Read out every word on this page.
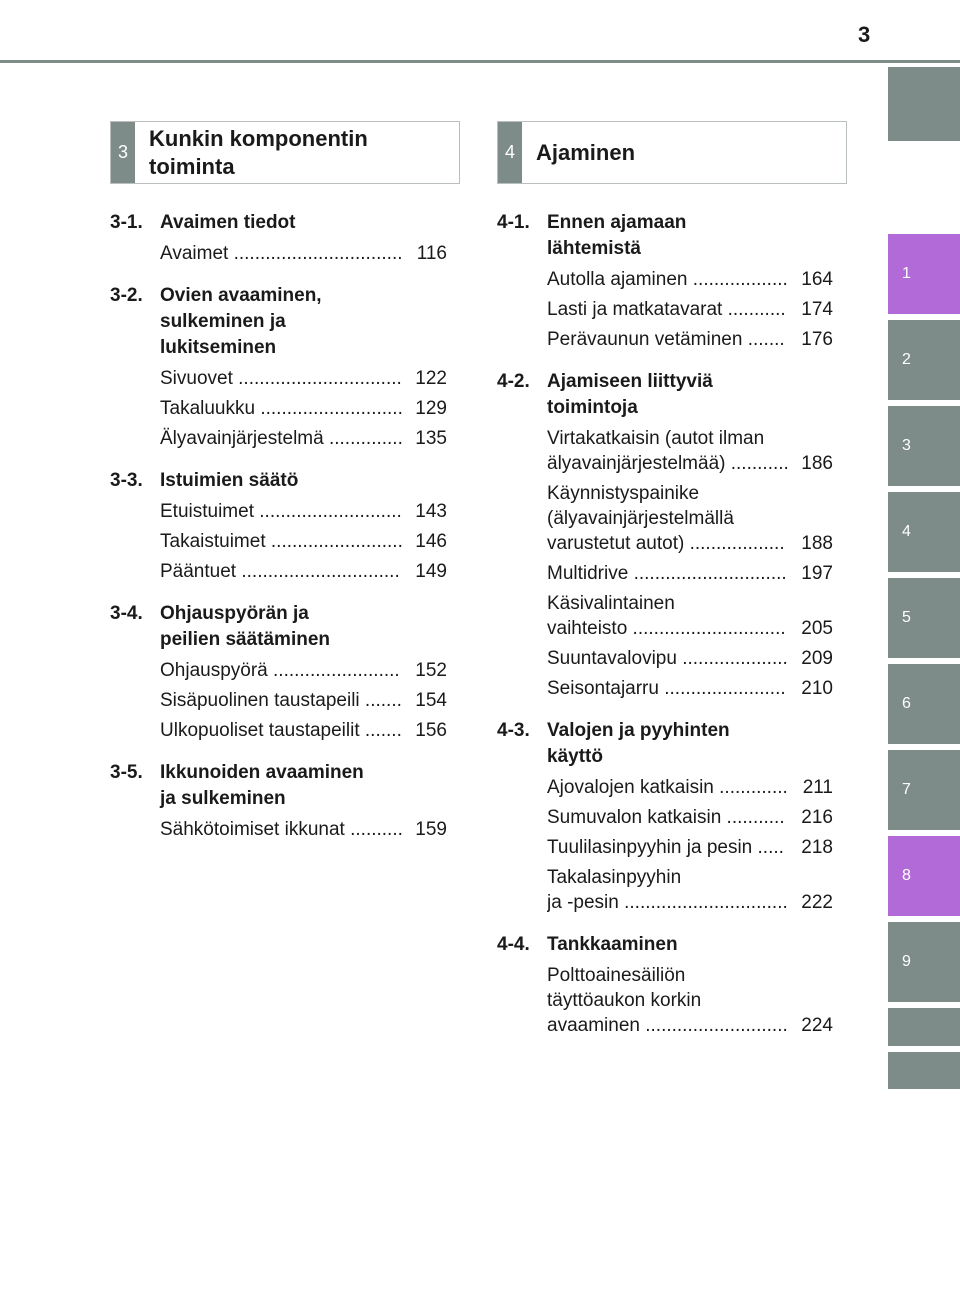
3
1
2
3
4
5
6
7
8
9
3
Kunkin komponentin
toiminta
4 Ajaminen
3-1. Avaimen tiedot
Avaimet ................................ 116
3-2. Ovien avaaminen,
sulkeminen ja
lukitseminen
Sivuovet ............................... 122
Takaluukku ........................... 129
Älyavainjärjestelmä .............. 135
3-3. Istuimien säätö
Etuistuimet ........................... 143
Takaistuimet ......................... 146
Pääntuet .............................. 149
3-4. Ohjauspyörän ja
peilien säätäminen
Ohjauspyörä ........................ 152
Sisäpuolinen taustapeili ....... 154
Ulkopuoliset taustapeilit ....... 156
3-5. Ikkunoiden avaaminen
ja sulkeminen
Sähkötoimiset ikkunat .......... 159
4-1. Ennen ajamaan
lähtemistä
Autolla ajaminen .................. 164
Lasti ja matkatavarat ........... 174
Perävaunun vetäminen ....... 176
4-2. Ajamiseen liittyviä
toimintoja
Virtakatkaisin (autot ilman
älyavainjärjestelmää) ........... 186
Käynnistyspainike
(älyavainjärjestelmällä
varustetut autot) .................. 188
Multidrive ............................. 197
Käsivalintainen
vaihteisto ............................. 205
Suuntavalovipu .................... 209
Seisontajarru ....................... 210
4-3. Valojen ja pyyhinten
käyttö
Ajovalojen katkaisin ............. 211
Sumuvalon katkaisin ........... 216
Tuulilasinpyyhin ja pesin ..... 218
Takalasinpyyhin
ja -pesin ............................... 222
4-4. Tankkaaminen
Polttoainesäiliön
täyttöaukon korkin
avaaminen ........................... 224
